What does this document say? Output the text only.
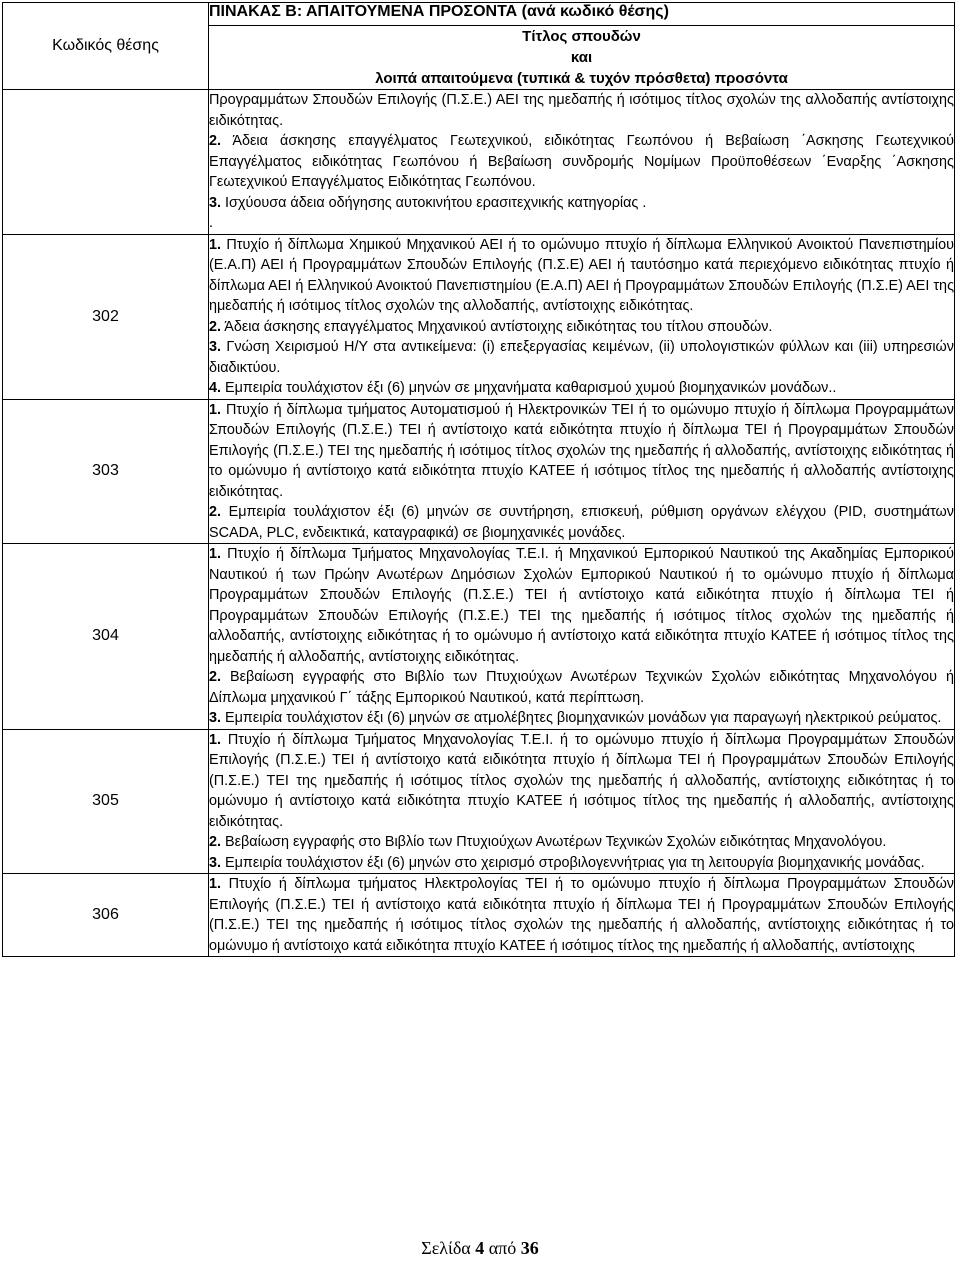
Κωδικός θέσης	ΠΙΝΑΚΑΣ Β: ΑΠΑΙΤΟΥΜΕΝΑ ΠΡΟΣΟΝΤΑ (ανά κωδικό θέσης)

	Τίτλος σπουδών
και
λοιπά απαιτούμενα (τυπικά & τυχόν πρόσθετα) προσόντα

	Προγραμμάτων Σπουδών Επιλογής (Π.Σ.Ε.) ΑΕΙ της ημεδαπής ή ισότιμος τίτλος σχολών της αλλοδαπής αντίστοιχης ειδικότητας.

2. Άδεια άσκησης επαγγέλματος Γεωτεχνικού, ειδικότητας Γεωπόνου ή Βεβαίωση ΄Ασκησης Γεωτεχνικού Επαγγέλματος ειδικότητας Γεωπόνου ή Βεβαίωση συνδρομής Νομίμων Προϋποθέσεων ΄Εναρξης ΄Ασκησης Γεωτεχνικού Επαγγέλματος Ειδικότητας Γεωπόνου.

3. Ισχύουσα άδεια οδήγησης αυτοκινήτου ερασιτεχνικής κατηγορίας .

.

302	1. Πτυχίο ή δίπλωμα Χημικού Μηχανικού ΑΕΙ ή το ομώνυμο πτυχίο ή δίπλωμα Ελληνικού Ανοικτού Πανεπιστημίου (Ε.Α.Π) ΑΕΙ ή Προγραμμάτων Σπουδών Επιλογής (Π.Σ.Ε) ΑΕΙ ή ταυτόσημο κατά περιεχόμενο ειδικότητας πτυχίο ή δίπλωμα ΑΕΙ ή Ελληνικού Ανοικτού Πανεπιστημίου (Ε.Α.Π) ΑΕΙ ή Προγραμμάτων Σπουδών Επιλογής (Π.Σ.Ε) ΑΕΙ της ημεδαπής ή ισότιμος τίτλος σχολών της αλλοδαπής, αντίστοιχης ειδικότητας.

2. Άδεια άσκησης επαγγέλματος Μηχανικού αντίστοιχης ειδικότητας του τίτλου σπουδών.

3. Γνώση Χειρισμού Η/Υ στα αντικείμενα: (i) επεξεργασίας κειμένων, (ii) υπολογιστικών φύλλων και (iii) υπηρεσιών διαδικτύου.

4. Εμπειρία τουλάχιστον έξι (6) μηνών σε μηχανήματα καθαρισμού χυμού βιομηχανικών μονάδων..

303	1. Πτυχίο ή δίπλωμα τμήματος Αυτοματισμού ή Ηλεκτρονικών ΤΕΙ ή το ομώνυμο πτυχίο ή δίπλωμα Προγραμμάτων Σπουδών Επιλογής (Π.Σ.Ε.) ΤΕΙ ή αντίστοιχο κατά ειδικότητα πτυχίο ή δίπλωμα ΤΕΙ ή Προγραμμάτων Σπουδών Επιλογής (Π.Σ.Ε.) ΤΕΙ της ημεδαπής ή ισότιμος τίτλος σχολών της ημεδαπής ή αλλοδαπής, αντίστοιχης ειδικότητας ή το ομώνυμο ή αντίστοιχο κατά ειδικότητα πτυχίο ΚΑΤΕΕ ή ισότιμος τίτλος της ημεδαπής ή αλλοδαπής αντίστοιχης ειδικότητας.

2. Εμπειρία τουλάχιστον έξι (6) μηνών σε συντήρηση, επισκευή, ρύθμιση οργάνων ελέγχου (PID, συστημάτων SCADA, PLC, ενδεικτικά, καταγραφικά) σε βιομηχανικές μονάδες.

304	1. Πτυχίο ή δίπλωμα Τμήματος Μηχανολογίας Τ.Ε.Ι. ή Μηχανικού Εμπορικού Ναυτικού της Ακαδημίας Εμπορικού Ναυτικού ή των Πρώην Ανωτέρων Δημόσιων Σχολών Εμπορικού Ναυτικού ή το ομώνυμο πτυχίο ή δίπλωμα Προγραμμάτων Σπουδών Επιλογής (Π.Σ.Ε.) ΤΕΙ ή αντίστοιχο κατά ειδικότητα πτυχίο ή δίπλωμα ΤΕΙ ή Προγραμμάτων Σπουδών Επιλογής (Π.Σ.Ε.) ΤΕΙ της ημεδαπής ή ισότιμος τίτλος σχολών της ημεδαπής ή αλλοδαπής, αντίστοιχης ειδικότητας ή το ομώνυμο ή αντίστοιχο κατά ειδικότητα πτυχίο ΚΑΤΕΕ ή ισότιμος τίτλος της ημεδαπής ή αλλοδαπής, αντίστοιχης ειδικότητας.

2. Βεβαίωση εγγραφής στο Βιβλίο των Πτυχιούχων Ανωτέρων Τεχνικών Σχολών ειδικότητας Μηχανολόγου ή Δίπλωμα μηχανικού Γ΄ τάξης Εμπορικού Ναυτικού, κατά περίπτωση.

3. Εμπειρία τουλάχιστον έξι (6) μηνών σε ατμολέβητες βιομηχανικών μονάδων για παραγωγή ηλεκτρικού ρεύματος.

305	1. Πτυχίο ή δίπλωμα Τμήματος Μηχανολογίας Τ.Ε.Ι. ή το ομώνυμο πτυχίο ή δίπλωμα Προγραμμάτων Σπουδών Επιλογής (Π.Σ.Ε.) ΤΕΙ ή αντίστοιχο κατά ειδικότητα πτυχίο ή δίπλωμα ΤΕΙ ή Προγραμμάτων Σπουδών Επιλογής (Π.Σ.Ε.) ΤΕΙ της ημεδαπής ή ισότιμος τίτλος σχολών της ημεδαπής ή αλλοδαπής, αντίστοιχης ειδικότητας ή το ομώνυμο ή αντίστοιχο κατά ειδικότητα πτυχίο ΚΑΤΕΕ ή ισότιμος τίτλος της ημεδαπής ή αλλοδαπής, αντίστοιχης ειδικότητας.

2. Βεβαίωση εγγραφής στο Βιβλίο των Πτυχιούχων Ανωτέρων Τεχνικών Σχολών ειδικότητας Μηχανολόγου.

3. Εμπειρία τουλάχιστον έξι (6) μηνών στο χειρισμό στροβιλογεννήτριας για τη λειτουργία βιομηχανικής μονάδας.

306	1. Πτυχίο ή δίπλωμα τμήματος Ηλεκτρολογίας ΤΕΙ ή το ομώνυμο πτυχίο ή δίπλωμα Προγραμμάτων Σπουδών Επιλογής (Π.Σ.Ε.) ΤΕΙ ή αντίστοιχο κατά ειδικότητα πτυχίο ή δίπλωμα ΤΕΙ ή Προγραμμάτων Σπουδών Επιλογής (Π.Σ.Ε.) ΤΕΙ της ημεδαπής ή ισότιμος τίτλος σχολών της ημεδαπής ή αλλοδαπής, αντίστοιχης ειδικότητας ή το ομώνυμο ή αντίστοιχο κατά ειδικότητα πτυχίο ΚΑΤΕΕ ή ισότιμος τίτλος της ημεδαπής ή αλλοδαπής, αντίστοιχης

Σελίδα 4 από 36
